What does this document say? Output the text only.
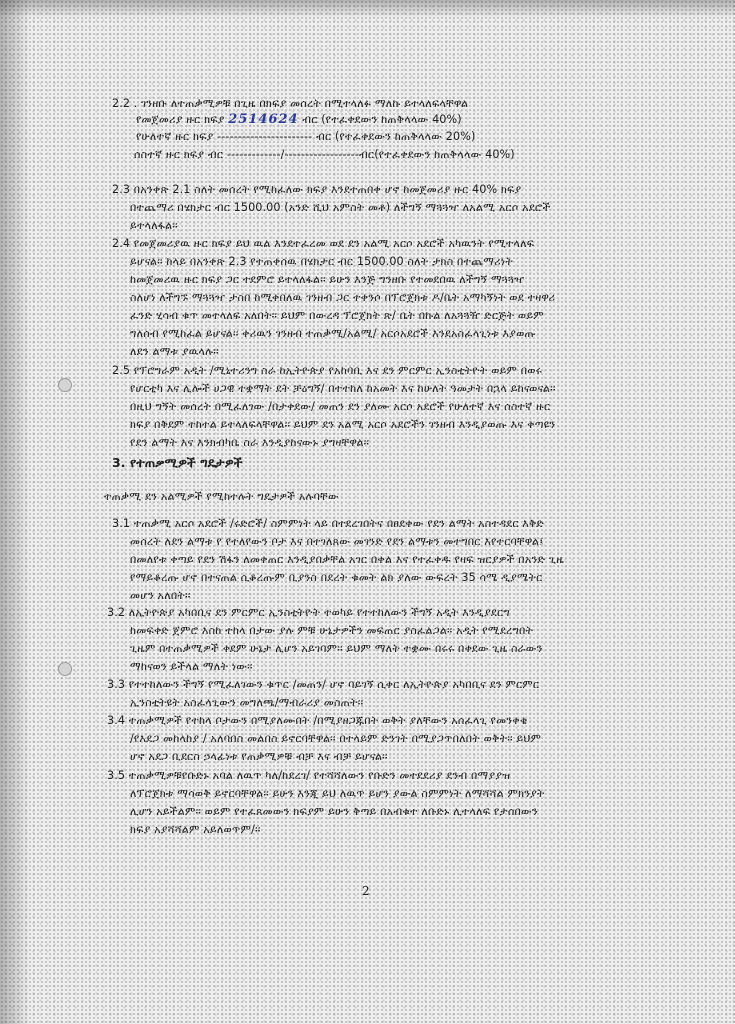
2.2 . ገንዘቡ ለተጠቃሚዎቹ በጊዜ በክፍያ መሰረት በሚተላለፉ ማለኩ ይተላለፍላቸዋል
የመጀመሪያ ዙር ክፍያ 2514624 ብር (የተፈቀደውን ከጠቅላላው 40%)
የሁለተኛ ዙር ክፍያ ----------------------- ብር (የተፈቀደውን ከጠቅላላው 20%)
ሰስተኛ ዙር ክፍያ ብር -------------/------------------ብር(የተፈቀደውን ከጠቅላላው 40%)
2.3 በአንቀጽ 2.1 ስለት መሰረት የሚከፈለው ክፍያ እንደተጠበቀ ሆኖ ከመጀመሪያ ዙር 40% ክፍያ
በተጨማሪ በሄክታር ብር 1500.00 (አንድ ሺህ አምስት መቶ) ለችግኝ ማጓጓዣ ለአልሚ አርሶ አደሮች
ይተላለፋል፡፡
2.4 የመጀመሪያዉ ዙር ክፍያ ይህ ዉል እንደተፈረመ ወደ ደን አልሚ አርሶ አደሮች አካዉንት የሚተላለፍ
ይሆናል፡፡ ከላይ በአንቀጽ 2.3 የተጠቀሰዉ በሄክታር ብር 1500.00 ስለት ታክስ በተጨማሪነት
ከመጀመሪዉ ዙር ክፍያ ጋር ተደምሮ ይተላለፋል፡፡ ይሁን እንጅ ግንዘቡ የተመደበዉ ለችግኝ ማጓጓዣ
ስለሆነ ለችግኙ ማጓጓዣ ታስበ ከሚቀበለዉ ገንዘብ ጋር ተቀንሶ በፕሮጀክቱ ዶ/ቤት አማካኝነት ወደ ተዛዋሪ
ፈንድ ሂሳብ ቁጥ መተላለፍ አለበት፡፡ ይህም በውረዳ ፕሮጀክት ጽ/ ቤት በኩል ለአጓጓዥ ድርጅት ወይም
ግለሰብ የሚከፈል ይሆናል፡፡ ቀሪዉን ገንዘብ ተጠቃሚ/አልሚ/ አርሶአደሮች እንደአስፈላጊነቱ እያወጡ
ለደን ልማቱ ያዉላሉ፡፡
2.5 የፕሮግራም አዲት /ሚኒተሪንግ ስራ ከኢትዮጵያ የአከባቢ እና ደን ምርምር ኢንስቲትዮት ወይም በወሩ
የሆርቲካ እና ሊሎች ሀጋዊ ተቋማት ደት ቻዕግኝ/ በተተከለ ከአመት እና ከሁለት ዓመታት በኋላ ይከናወናል፡፡
በዚህ ግኝት መሰረት በሚፈለገው /በታቀደው/ መጠን ደን ያለሙ አርሶ አደሮች የሁለተኛ እና ሰስተኛ ዙር
ክፍያ በቅደም ተከተል ይተላለፍላቸዋል፡፡ ይህም ደን አልሚ አርሶ አደሮችን ገንዘብ እንዲያወጡ እና ቀጣዩን
የደን ልማት እና እንክብካቤ ስራ እንዲያከናውኑ ያግዛቸዋል፡፡
3. የተጠቃሚዎች ግዴታዎች
ተጠቃሚ ደን አልሚዎች የሚከተሉት ግዴታዎች አሉባቸው
3.1 ተጠቃሚ አርሶ አደሮች /ሩድሮች/ ስምምነት ላይ በተደረገበትና በፀደቀው የደን ልማት አስተዳደር እቅድ
መሰረት ለደን ልማቱ የ የተለየውን ቦታ እና በተገለጸው መገንድ የደን ልማቱን መተግበር እየተርባቸዋል፤
በመለየቱ ቀጣይ የደን ሽፋን ለመቀጠር እንዲያበቃቸል አገር በቀል እና የተፈቀዱ የዛፍ ዝርያዎች በአንድ ጊዜ
የማይቆረጡ ሆኖ በተናጠል ሲቆረጡም ቢያንስ በደረት ቁመት ልክ ያለው ውፍረት 35 ሳሜ ዲያሜትር
መሆን አለበት፡፡
3.2 ለኢትዮጵያ አካበቢና ደን ምርምር ኢንስቲትዮት ተወካይ የተተከለውን ችግኝ አዲት እንዲያደርግ
ከመፍቀድ ጀምሮ እስከ ተከላ በታው ያሉ ምቹ ሁኔታዎችን መፍጠር ያስፈልጋል፡፡ አዲት የሚደረግበት
ጊዜም በተጠቃሚዎች ቀደም ሁኔታ ሊሆን አይገባም፡፡ ይህም ማለት ተቋሙ በሩሩ በቀደው ጊዜ ስራውን
ማከናወን ይችላል ማለት ነው፡፡
3.3 የተተከለውን ችግኝ የሚፈለገውን ቁጥር /መጠን/ ሆኖ ባይገኝ ሲቀር ለኢትዮጵያ አካበቢና ደን ምርምር
ኢንስቲትዩት አስፈላጊውን መግለጫ/ማብራሪያ መስጠት፡፡
3.4 ተጠቃሚዎች የተከላ ቦታውን በሚያለሙበት /በሚያዘጋጁበት ወቅት ያለቸውን አሰፈላጊ የመንቀቄ
/የእደጋ መከላከያ / አለባበስ መልበስ ይኖርባቸዋል፡፡ በተላይም ድንገት በሚያጋጥበለበት ወቅት፡፡ ይህም
ሆኖ አደጋ ቢደርስ ኃላፊነቱ የጠቃሚዎቹ ብቻ እና ብቻ ይሆናል፡፡
3.5 ተጠቃሚዎቹየቡድኑ አባል ለዉጥ ካለ/ከደረገ/ የተሻሻለውን የቡድን መተደደሪያ ደንብ በማያያዝ
ለፕሮጀክቱ ማሳወቅ ይኖርባቸዋል፡፡ ይሁን እንጂ ይህ ለዉጥ ይሆን ያውል ስምምነት ለማሻሻል ምክንያት
ሊሆን አይችልም፡፡ ወይም የተፈጸመውን ክፍያም ይሁን ቅጣይ በአብቁተ ለቡድኑ ሊተላለፍ የታሰበውን
ክፍያ አያሻሻልም አይለወጥም/፡፡
2
